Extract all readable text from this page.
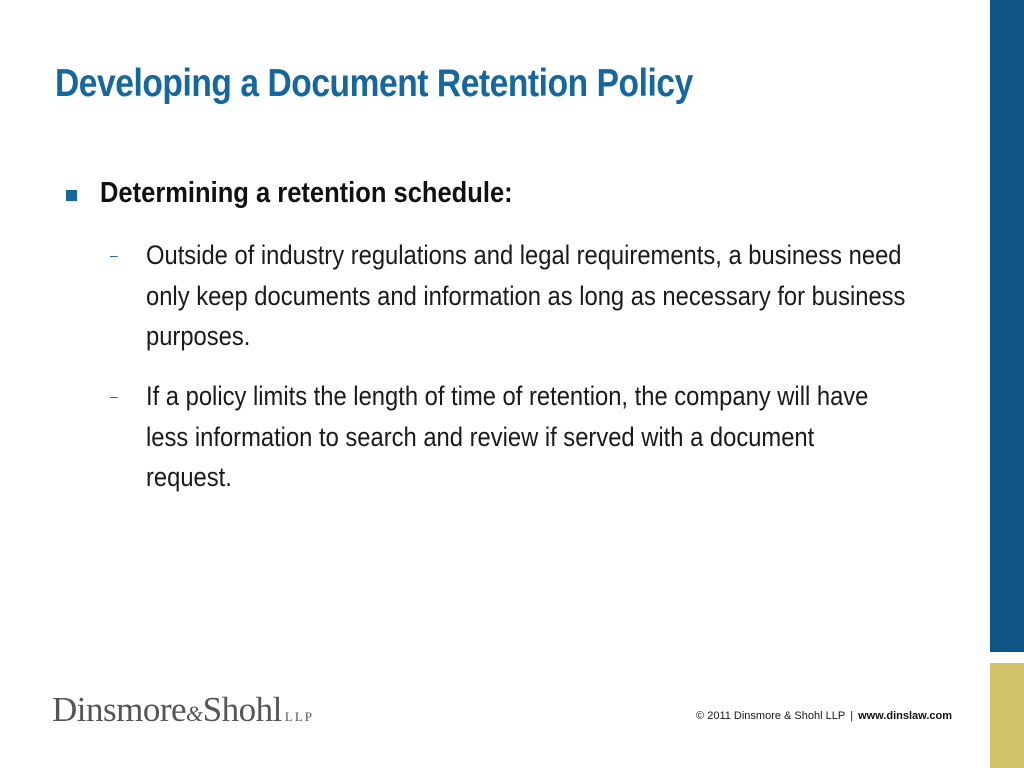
Developing a Document Retention Policy
Determining a retention schedule:
–	Outside of industry regulations and legal requirements, a business need only keep documents and information as long as necessary for business purposes.
–	If a policy limits the length of time of retention, the company will have less information to search and review if served with a document request.
Dinsmore&Shohl LLP	© 2011 Dinsmore & Shohl LLP | www.dinslaw.com
